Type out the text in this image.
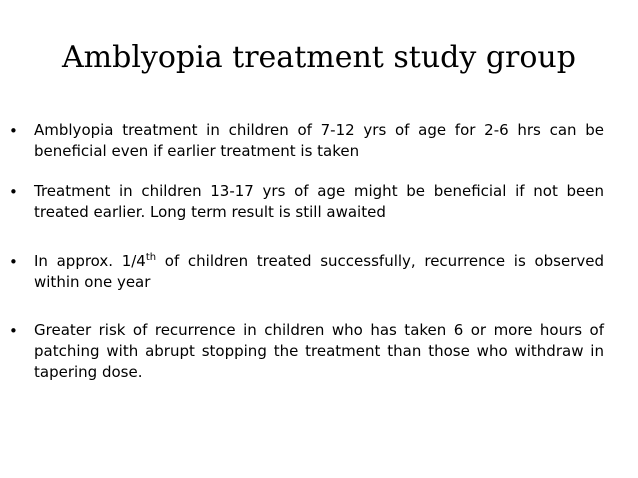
Amblyopia treatment study group
• Amblyopia treatment in children of 7-12 yrs of age for 2-6 hrs can be beneficial even if earlier treatment is taken
• Treatment in children 13-17 yrs of age might be beneficial if not been treated earlier. Long term result is still awaited
• In approx. 1/4th of children treated successfully, recurrence is observed within one year
• Greater risk of recurrence in children who has taken 6 or more hours of patching with abrupt stopping the treatment than those who withdraw in tapering dose.
